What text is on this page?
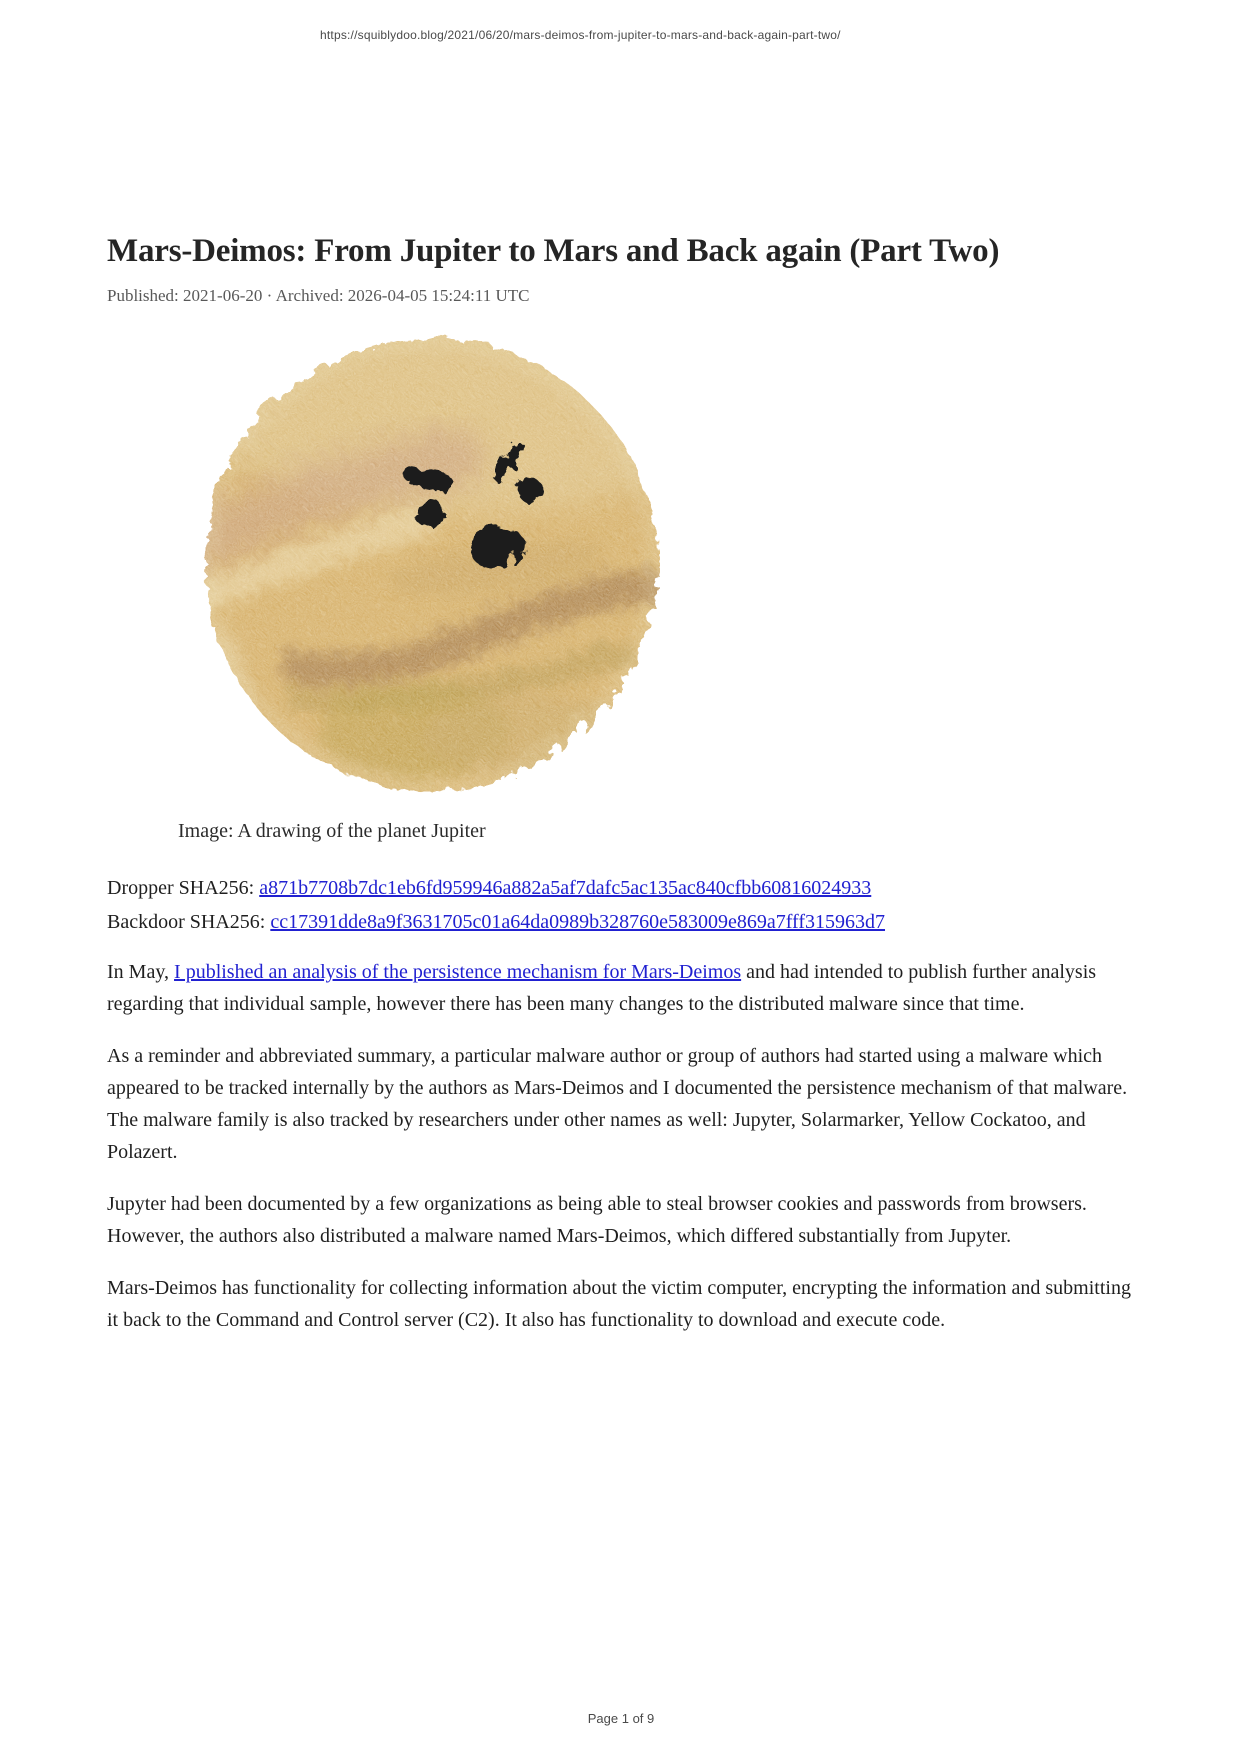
https://squiblydoo.blog/2021/06/20/mars-deimos-from-jupiter-to-mars-and-back-again-part-two/
Mars-Deimos: From Jupiter to Mars and Back again (Part Two)
Published: 2021-06-20 · Archived: 2026-04-05 15:24:11 UTC
Image: A drawing of the planet Jupiter
Dropper SHA256: a871b7708b7dc1eb6fd959946a882a5af7dafc5ac135ac840cfbb60816024933
Backdoor SHA256: cc17391dde8a9f3631705c01a64da0989b328760e583009e869a7fff315963d7

In May, I published an analysis of the persistence mechanism for Mars-Deimos and had intended to publish further analysis regarding that individual sample, however there has been many changes to the distributed malware since that time.

As a reminder and abbreviated summary, a particular malware author or group of authors had started using a malware which appeared to be tracked internally by the authors as Mars-Deimos and I documented the persistence mechanism of that malware. The malware family is also tracked by researchers under other names as well: Jupyter, Solarmarker, Yellow Cockatoo, and Polazert.

Jupyter had been documented by a few organizations as being able to steal browser cookies and passwords from browsers. However, the authors also distributed a malware named Mars-Deimos, which differed substantially from Jupyter.

Mars-Deimos has functionality for collecting information about the victim computer, encrypting the information and submitting it back to the Command and Control server (C2). It also has functionality to download and execute code.

Page 1 of 9
